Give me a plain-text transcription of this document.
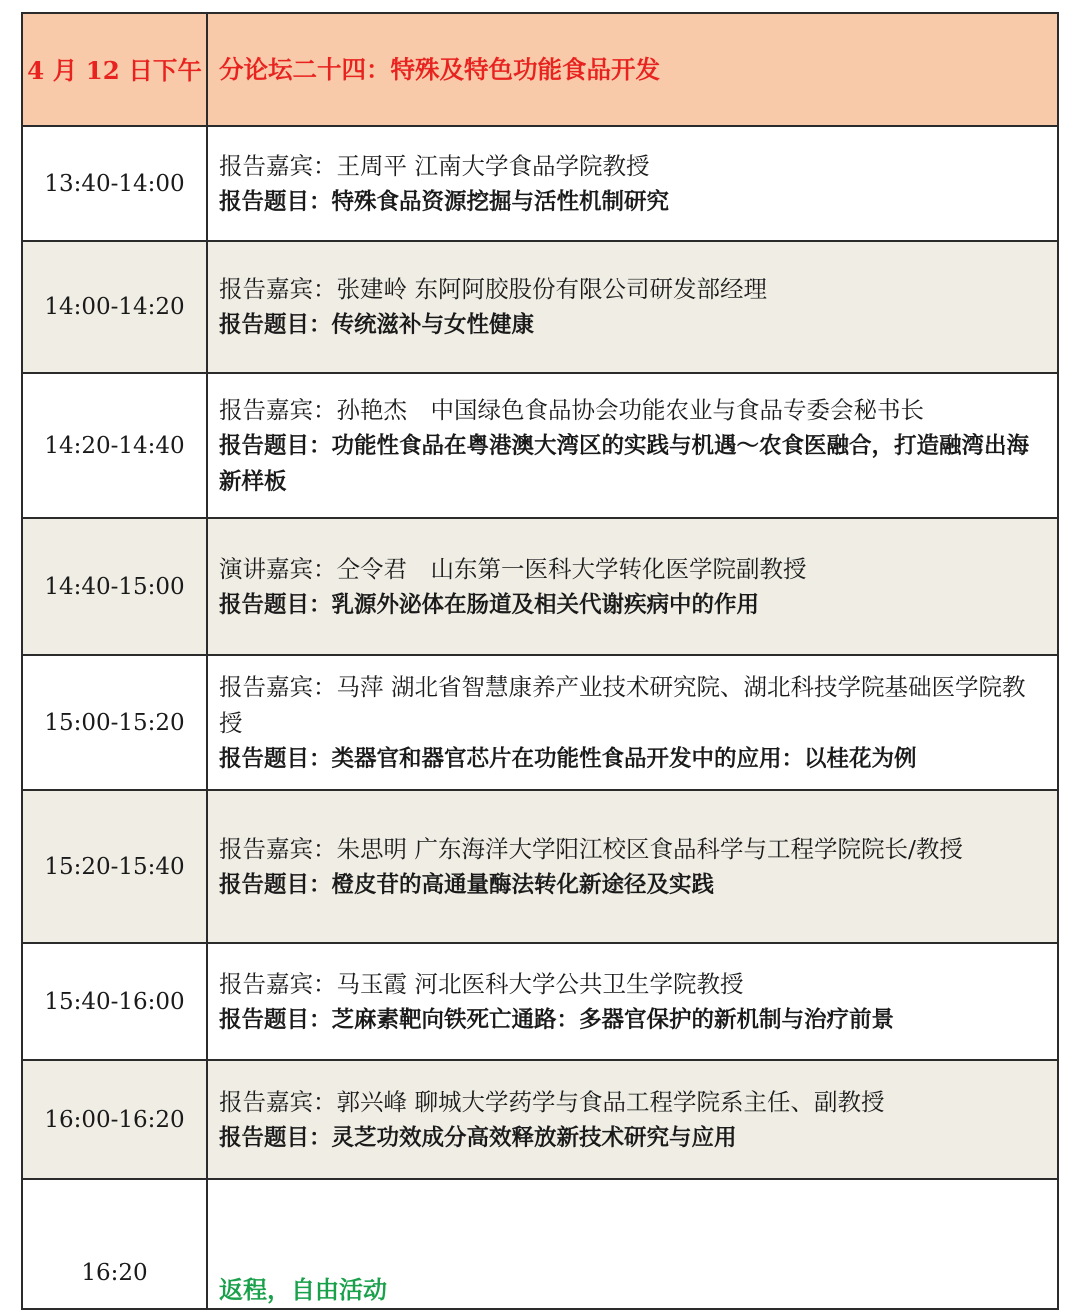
4 月 12 日下午	分论坛二十四：特殊及特色功能食品开发
13:40-14:00	报告嘉宾：王周平 江南大学食品学院教授
报告题目：特殊食品资源挖掘与活性机制研究

14:00-14:20	报告嘉宾：张建岭 东阿阿胶股份有限公司研发部经理
报告题目：传统滋补与女性健康

14:20-14:40	报告嘉宾：孙艳杰　中国绿色食品协会功能农业与食品专委会秘书长
报告题目：功能性食品在粤港澳大湾区的实践与机遇～农食医融合，打造融湾出海新样板

14:40-15:00	演讲嘉宾：仝令君　山东第一医科大学转化医学院副教授
报告题目：乳源外泌体在肠道及相关代谢疾病中的作用

15:00-15:20	报告嘉宾：马萍 湖北省智慧康养产业技术研究院、湖北科技学院基础医学院教授
报告题目：类器官和器官芯片在功能性食品开发中的应用：以桂花为例

15:20-15:40	报告嘉宾：朱思明 广东海洋大学阳江校区食品科学与工程学院院长/教授
报告题目：橙皮苷的高通量酶法转化新途径及实践

15:40-16:00	报告嘉宾：马玉霞 河北医科大学公共卫生学院教授
报告题目：芝麻素靶向铁死亡通路：多器官保护的新机制与治疗前景

16:00-16:20	报告嘉宾：郭兴峰 聊城大学药学与食品工程学院系主任、副教授
报告题目：灵芝功效成分高效释放新技术研究与应用

16:20	返程，自由活动
